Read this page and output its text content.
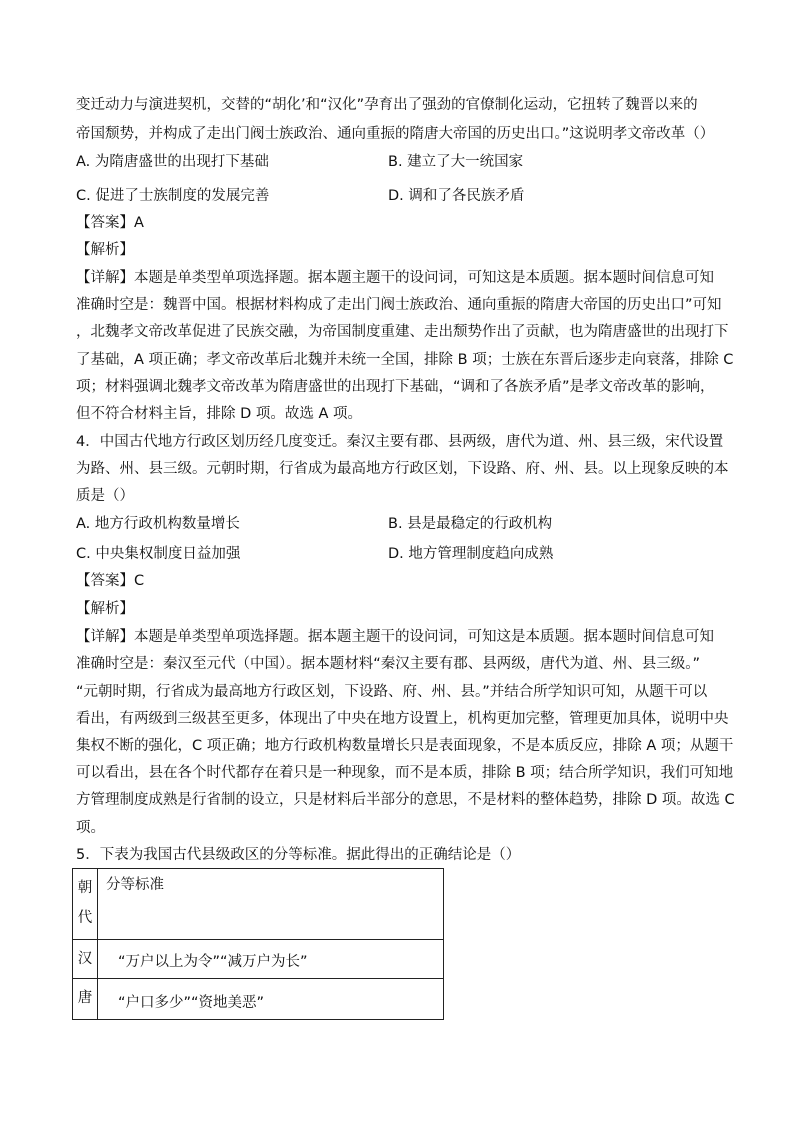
变迁动力与演进契机，交替的“胡化’和“汉化”孕育出了强劲的官僚制化运动，它扭转了魏晋以来的
帝国颓势，并构成了走出门阀士族政治、通向重振的隋唐大帝国的历史出口。”这说明孝文帝改革（）
A. 为隋唐盛世的出现打下基础	B. 建立了大一统国家
C. 促进了士族制度的发展完善	D. 调和了各民族矛盾
【答案】A
【解析】
【详解】本题是单类型单项选择题。据本题主题干的设问词，可知这是本质题。据本题时间信息可知
准确时空是：魏晋中国。根据材料构成了走出门阀士族政治、通向重振的隋唐大帝国的历史出口”可知
，北魏孝文帝改革促进了民族交融，为帝国制度重建、走出颓势作出了贡献，也为隋唐盛世的出现打下
了基础，A 项正确；孝文帝改革后北魏并未统一全国，排除 B 项；士族在东晋后逐步走向衰落，排除 C
项；材料强调北魏孝文帝改革为隋唐盛世的出现打下基础，“调和了各族矛盾”是孝文帝改革的影响，
但不符合材料主旨，排除 D 项。故选 A 项。
4．中国古代地方行政区划历经几度变迁。秦汉主要有郡、县两级，唐代为道、州、县三级，宋代设置
为路、州、县三级。元朝时期，行省成为最高地方行政区划，下设路、府、州、县。以上现象反映的本
质是（）
A. 地方行政机构数量增长	B. 县是最稳定的行政机构
C. 中央集权制度日益加强	D. 地方管理制度趋向成熟
【答案】C
【解析】
【详解】本题是单类型单项选择题。据本题主题干的设问词，可知这是本质题。据本题时间信息可知
准确时空是：秦汉至元代（中国）。据本题材料“秦汉主要有郡、县两级，唐代为道、州、县三级。”
“元朝时期，行省成为最高地方行政区划，下设路、府、州、县。”并结合所学知识可知，从题干可以
看出，有两级到三级甚至更多，体现出了中央在地方设置上，机构更加完整，管理更加具体，说明中央
集权不断的强化，C 项正确；地方行政机构数量增长只是表面现象，不是本质反应，排除 A 项；从题干
可以看出，县在各个时代都存在着只是一种现象，而不是本质，排除 B 项；结合所学知识，我们可知地
方管理制度成熟是行省制的设立，只是材料后半部分的意思，不是材料的整体趋势，排除 D 项。故选 C
项。
5．下表为我国古代县级政区的分等标准。据此得出的正确结论是（）
朝代	分等标准
汉	“万户以上为令”“减万户为长”
唐	“户口多少”“资地美恶”
